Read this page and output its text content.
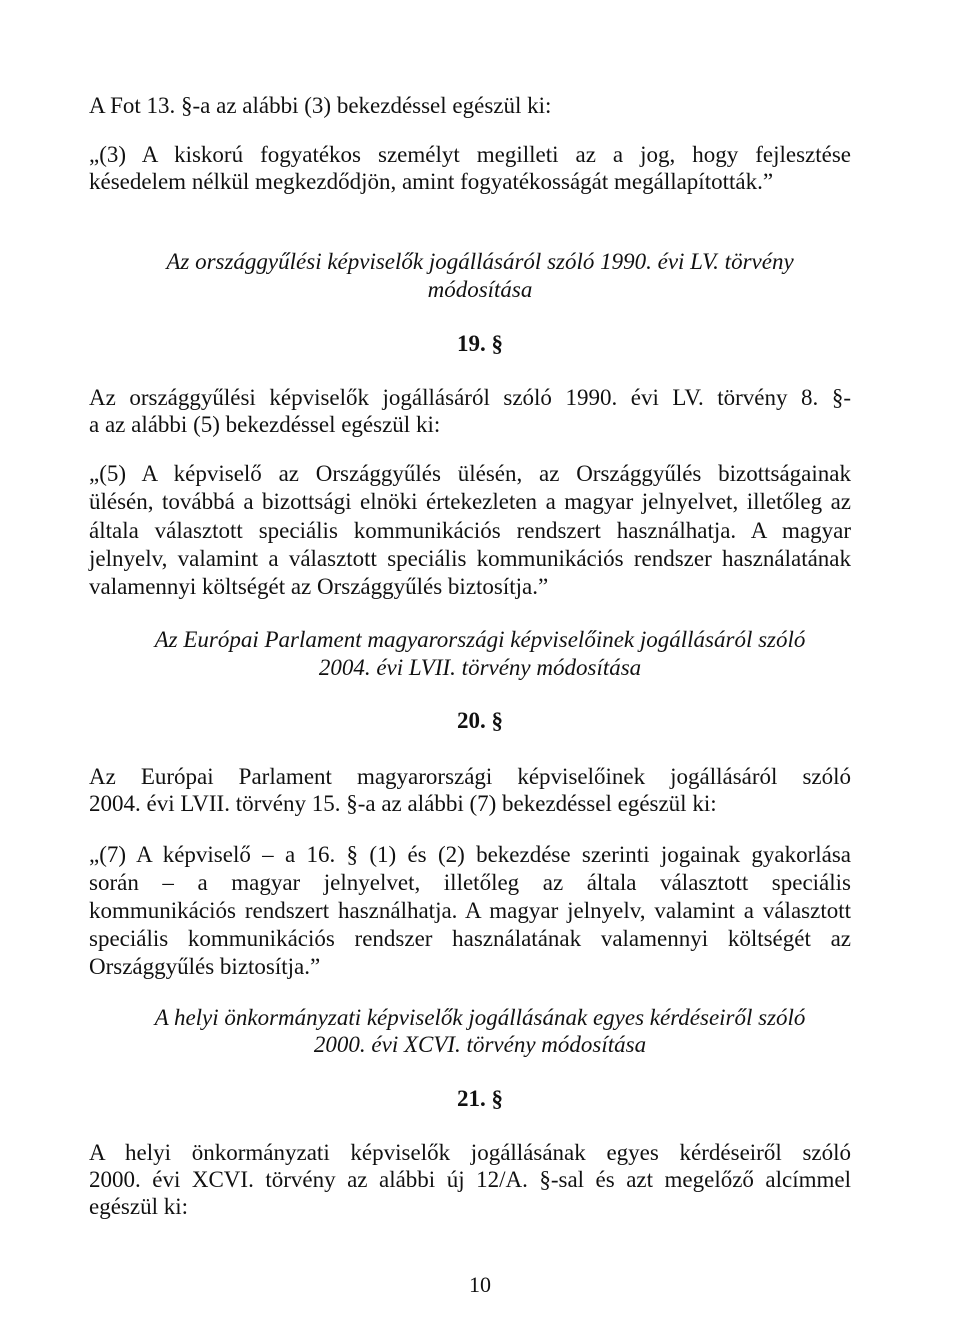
A Fot 13. §-a az alábbi (3) bekezdéssel egészül ki:
„(3) A kiskorú fogyatékos személyt megilleti az a jog, hogy fejlesztése
késedelem nélkül megkezdődjön, amint fogyatékosságát megállapították.”
Az országgyűlési képviselők jogállásáról szóló 1990. évi LV. törvény
módosítása
19. §
Az országgyűlési képviselők jogállásáról szóló 1990. évi LV. törvény 8. §-
a az alábbi (5) bekezdéssel egészül ki:
„(5) A képviselő az Országgyűlés ülésén, az Országgyűlés bizottságainak
ülésén, továbbá a bizottsági elnöki értekezleten a magyar jelnyelvet, illetőleg az
általa választott speciális kommunikációs rendszert használhatja. A magyar
jelnyelv, valamint a választott speciális kommunikációs rendszer használatának
valamennyi költségét az Országgyűlés biztosítja.”
Az Európai Parlament magyarországi képviselőinek jogállásáról szóló
2004. évi LVII. törvény módosítása
20. §
Az Európai Parlament magyarországi képviselőinek jogállásáról szóló
2004. évi LVII. törvény 15. §-a az alábbi (7) bekezdéssel egészül ki:
„(7) A képviselő – a 16. § (1) és (2) bekezdése szerinti jogainak gyakorlása
során – a magyar jelnyelvet, illetőleg az általa választott speciális
kommunikációs rendszert használhatja. A magyar jelnyelv, valamint a választott
speciális kommunikációs rendszer használatának valamennyi költségét az
Országgyűlés biztosítja.”
A helyi önkormányzati képviselők jogállásának egyes kérdéseiről szóló
2000. évi XCVI. törvény módosítása
21. §
A helyi önkormányzati képviselők jogállásának egyes kérdéseiről szóló
2000. évi XCVI. törvény az alábbi új 12/A. §-sal és azt megelőző alcímmel
egészül ki:
10
